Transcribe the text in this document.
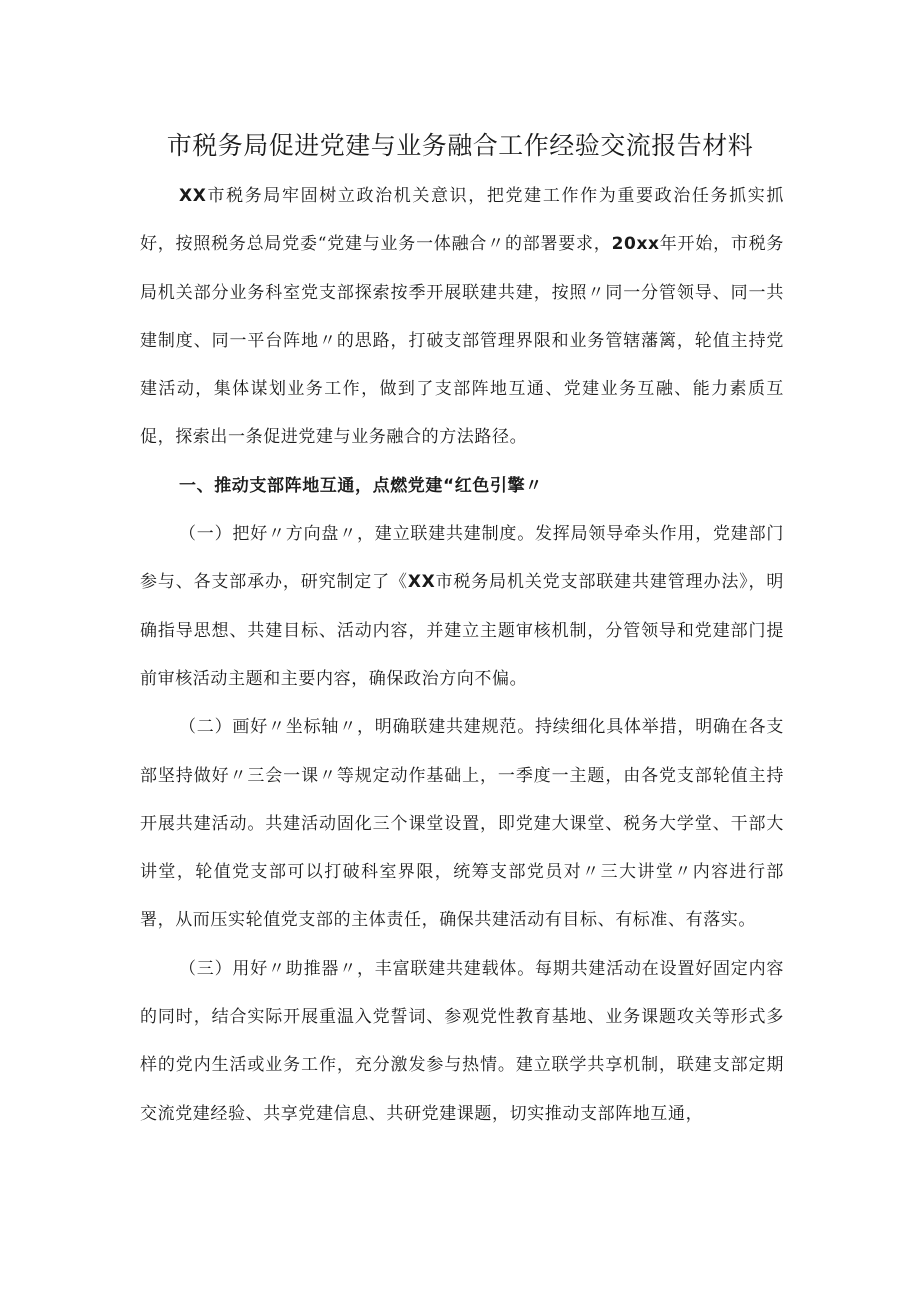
市税务局促进党建与业务融合工作经验交流报告材料

XX市税务局牢固树立政治机关意识，把党建工作作为重要政治任务抓实抓好，按照税务总局党委“党建与业务一体融合〃的部署要求，20xx年开始，市税务局机关部分业务科室党支部探索按季开展联建共建，按照〃同一分管领导、同一共建制度、同一平台阵地〃的思路，打破支部管理界限和业务管辖藩篱，轮值主持党建活动，集体谋划业务工作，做到了支部阵地互通、党建业务互融、能力素质互促，探索出一条促进党建与业务融合的方法路径。

一、推动支部阵地互通，点燃党建“红色引擎〃

（一）把好〃方向盘〃，建立联建共建制度。发挥局领导牵头作用，党建部门参与、各支部承办，研究制定了《XX市税务局机关党支部联建共建管理办法》，明确指导思想、共建目标、活动内容，并建立主题审核机制，分管领导和党建部门提前审核活动主题和主要内容，确保政治方向不偏。

（二）画好〃坐标轴〃，明确联建共建规范。持续细化具体举措，明确在各支部坚持做好〃三会一课〃等规定动作基础上，一季度一主题，由各党支部轮值主持开展共建活动。共建活动固化三个课堂设置，即党建大课堂、税务大学堂、干部大讲堂，轮值党支部可以打破科室界限，统筹支部党员对〃三大讲堂〃内容进行部署，从而压实轮值党支部的主体责任，确保共建活动有目标、有标准、有落实。

（三）用好〃助推器〃，丰富联建共建载体。每期共建活动在设置好固定内容的同时，结合实际开展重温入党誓词、参观党性教育基地、业务课题攻关等形式多样的党内生活或业务工作，充分激发参与热情。建立联学共享机制，联建支部定期交流党建经验、共享党建信息、共研党建课题，切实推动支部阵地互通，
